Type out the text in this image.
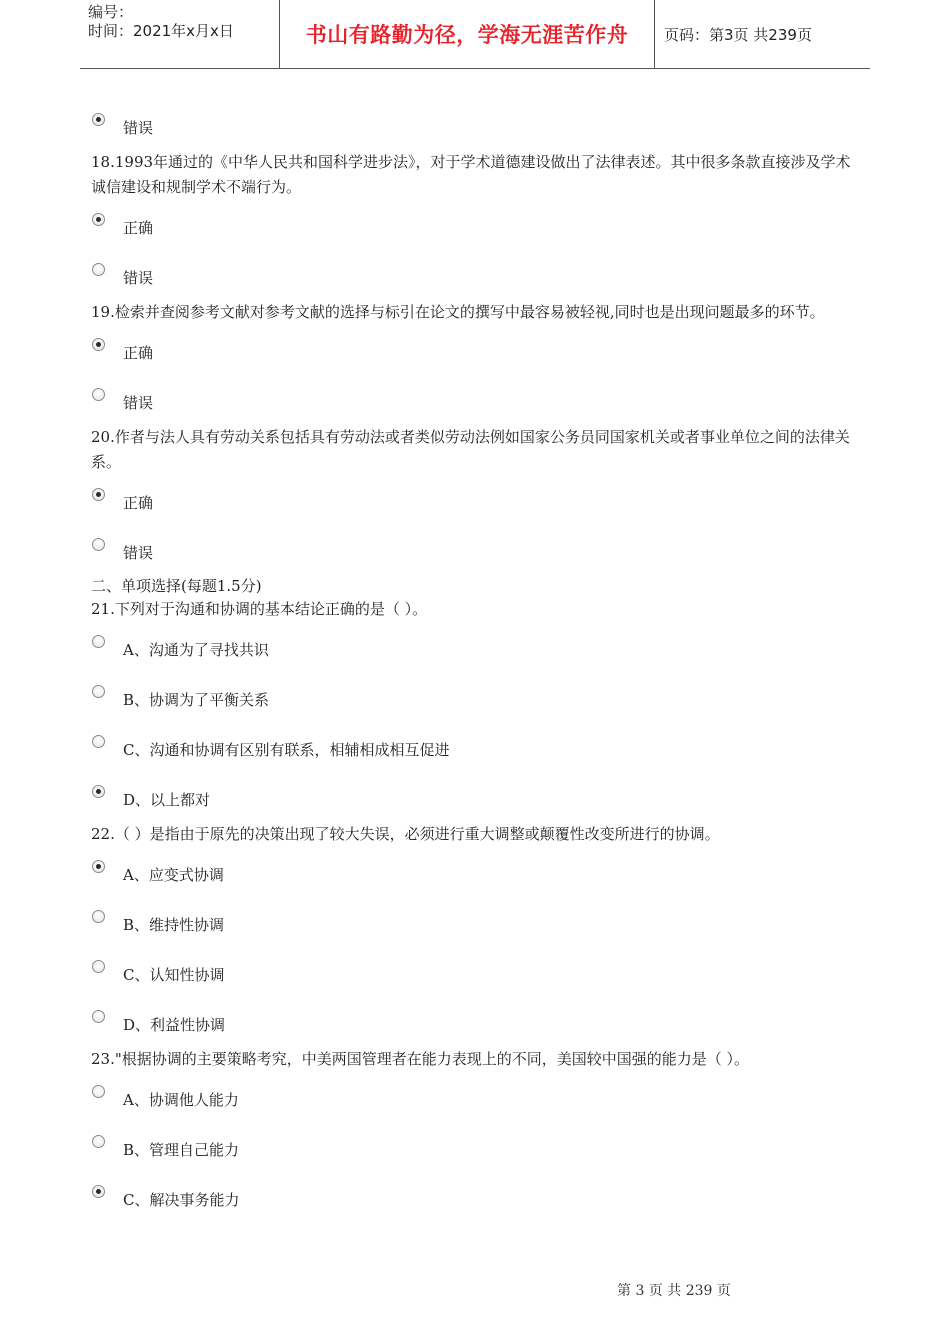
编号：
时间：2021年x月x日	书山有路勤为径，学海无涯苦作舟	页码：第3页 共239页
错误

18.1993年通过的《中华人民共和国科学进步法》，对于学术道德建设做出了法律表述。其中很多条款直接涉及学术诚信建设和规制学术不端行为。

正确
错误

19.检索并查阅参考文献对参考文献的选择与标引在论文的撰写中最容易被轻视,同时也是出现问题最多的环节。

正确
错误

20.作者与法人具有劳动关系包括具有劳动法或者类似劳动法例如国家公务员同国家机关或者事业单位之间的法律关系。

正确
错误

二、单项选择(每题1.5分)

21.下列对于沟通和协调的基本结论正确的是（ ）。

A、沟通为了寻找共识
B、协调为了平衡关系
C、沟通和协调有区别有联系，相辅相成相互促进
D、以上都对

22.（ ）是指由于原先的决策出现了较大失误，必须进行重大调整或颠覆性改变所进行的协调。

A、应变式协调
B、维持性协调
C、认知性协调
D、利益性协调

23."根据协调的主要策略考究，中美两国管理者在能力表现上的不同，美国较中国强的能力是（ ）。

A、协调他人能力
B、管理自己能力
C、解决事务能力
第 3 页 共 239 页
